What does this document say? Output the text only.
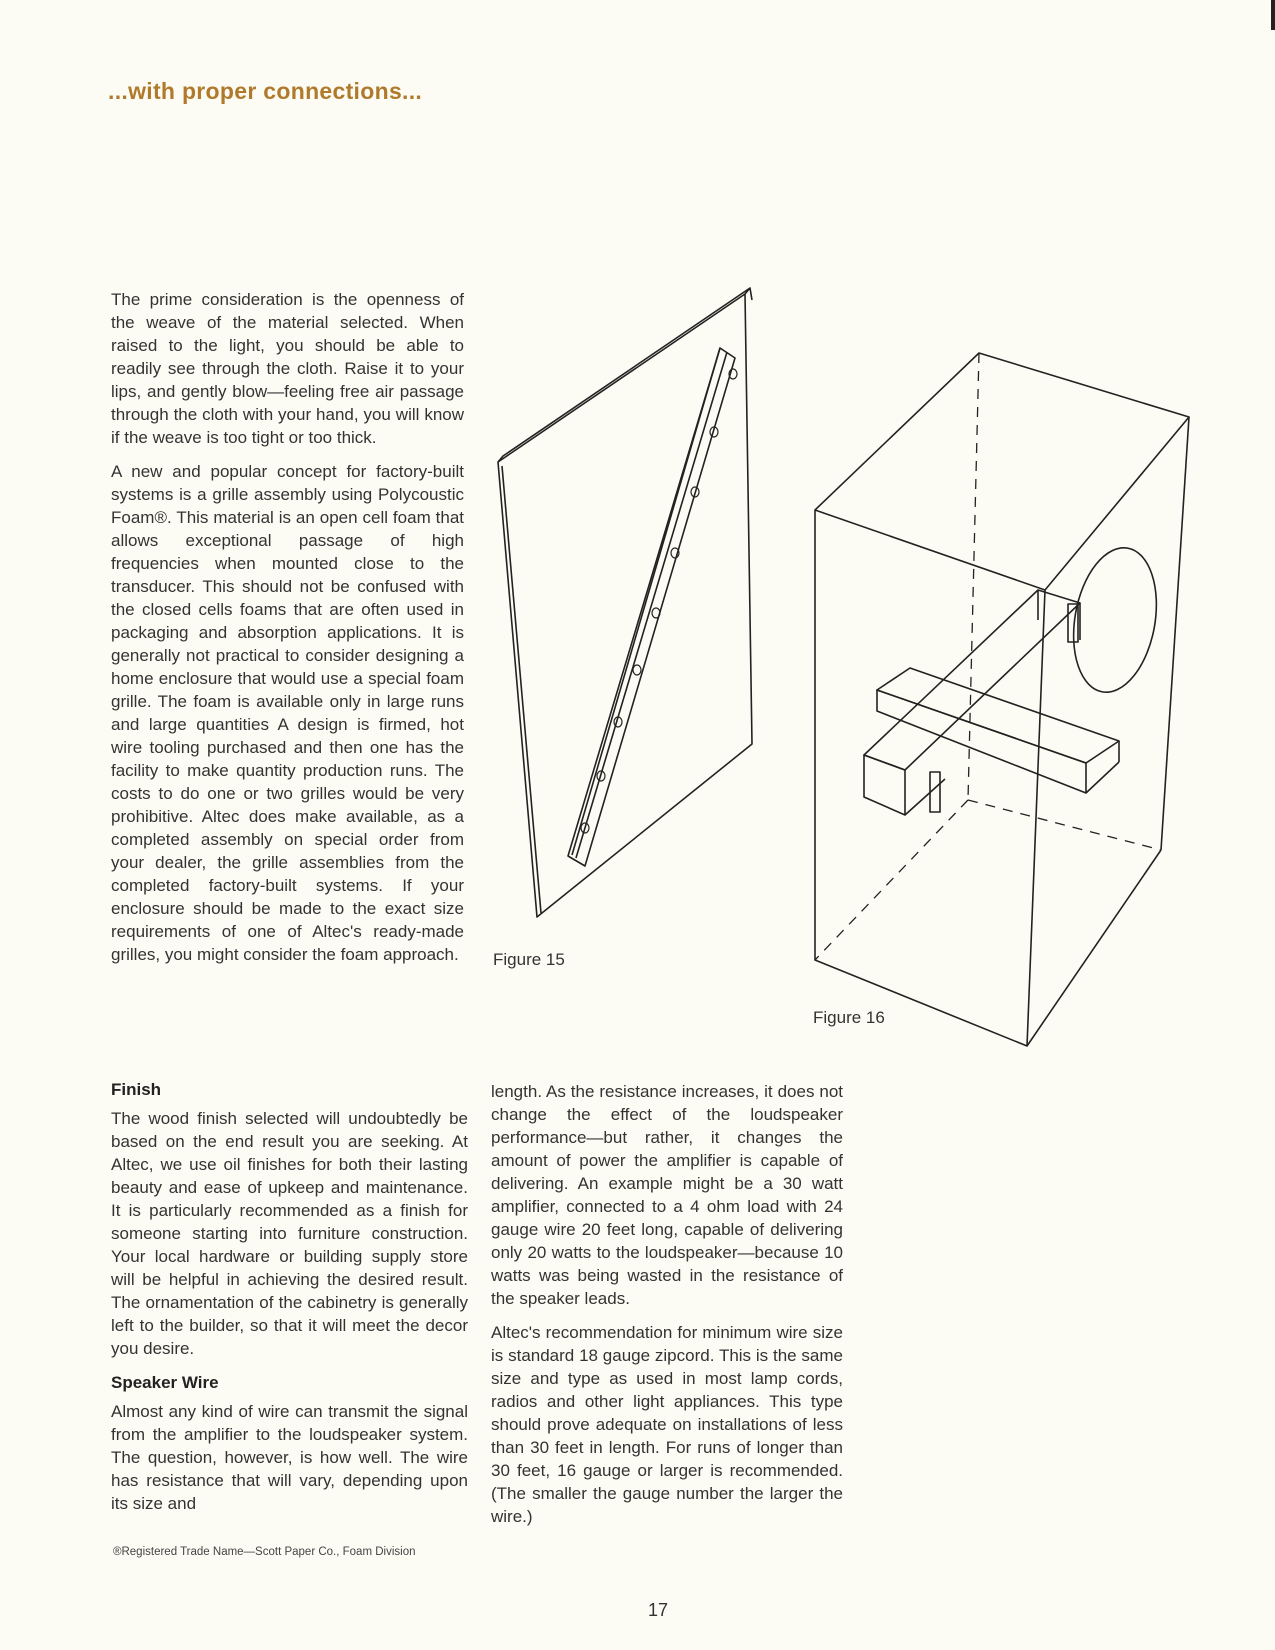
...with proper connections...

The prime consideration is the openness of the weave of the material selected. When raised to the light, you should be able to readily see through the cloth. Raise it to your lips, and gently blow—feeling free air passage through the cloth with your hand, you will know if the weave is too tight or too thick.

A new and popular concept for factory-built systems is a grille assembly using Polycoustic Foam®. This material is an open cell foam that allows exceptional passage of high frequencies when mounted close to the transducer. This should not be confused with the closed cells foams that are often used in packaging and absorption applications. It is generally not practical to consider designing a home enclosure that would use a special foam grille. The foam is available only in large runs and large quantities A design is firmed, hot wire tooling purchased and then one has the facility to make quantity production runs. The costs to do one or two grilles would be very prohibitive. Altec does make available, as a completed assembly on special order from your dealer, the grille assemblies from the completed factory-built systems. If your enclosure should be made to the exact size requirements of one of Altec's ready-made grilles, you might consider the foam approach.

Finish

The wood finish selected will undoubtedly be based on the end result you are seeking. At Altec, we use oil finishes for both their lasting beauty and ease of upkeep and maintenance. It is particularly recommended as a finish for someone starting into furniture construction. Your local hardware or building supply store will be helpful in achieving the desired result. The ornamentation of the cabinetry is generally left to the builder, so that it will meet the decor you desire.

Speaker Wire

Almost any kind of wire can transmit the signal from the amplifier to the loudspeaker system. The question, however, is how well. The wire has resistance that will vary, depending upon its size and

length. As the resistance increases, it does not change the effect of the loudspeaker performance—but rather, it changes the amount of power the amplifier is capable of delivering. An example might be a 30 watt amplifier, connected to a 4 ohm load with 24 gauge wire 20 feet long, capable of delivering only 20 watts to the loudspeaker—because 10 watts was being wasted in the resistance of the speaker leads.

Altec's recommendation for minimum wire size is standard 18 gauge zipcord. This is the same size and type as used in most lamp cords, radios and other light appliances. This type should prove adequate on installations of less than 30 feet in length. For runs of longer than 30 feet, 16 gauge or larger is recommended. (The smaller the gauge number the larger the wire.)

®Registered Trade Name—Scott Paper Co., Foam Division
Figure 15
Figure 16
17
